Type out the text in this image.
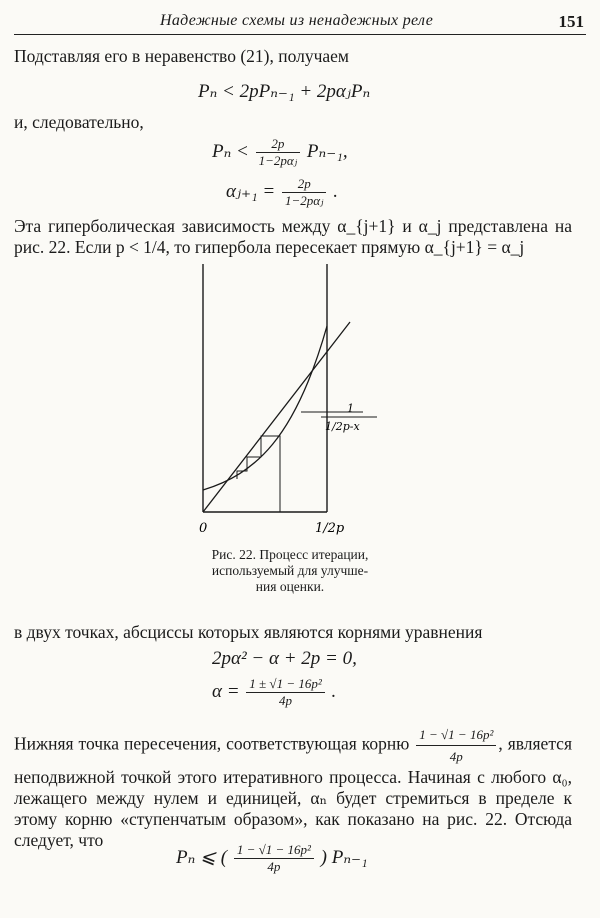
Надежные схемы из ненадежных реле	151
Подставляя его в неравенство (21), получаем
Pₙ < 2pPₙ₋₁ + 2pαⱼPₙ
и, следовательно,
$P_n < \frac{2p}{\text{1−2pαⱼ}} P_{n-1}$,
αⱼ₊₁ = $\frac{2p}{\text{1−2pαⱼ}}$ .
Эта гиперболическая зависимость между α_{j+1} и α_j представлена на рис. 22. Если p < 1/4, то гипербола пересекает прямую α_{j+1} = α_j
1
1/2p-x
0	1/2p
Рис. 22. Процесс итерации,
используемый для улучше-
ния оценки.
в двух точках, абсциссы которых являются корнями уравнения
2pα² − α + 2p = 0,
$\alpha = \frac{\text{1 ± √1 − 16p²}}{4p}$ .
Нижняя точка пересечения, соответствующая корню $\frac{\text{1 − √1 − 16p²}}{4p}$ , является неподвижной точкой этого итеративного процесса. Начиная с любого α₀, лежащего между нулем и единицей, αₙ будет стремиться в пределе к этому корню «ступенчатым образом», как показано на рис. 22. Отсюда следует, что
Pₙ ⩽ ( $\frac{\text{1 − √1 − 16p²}}{4p}$ ) Pₙ₋₁
